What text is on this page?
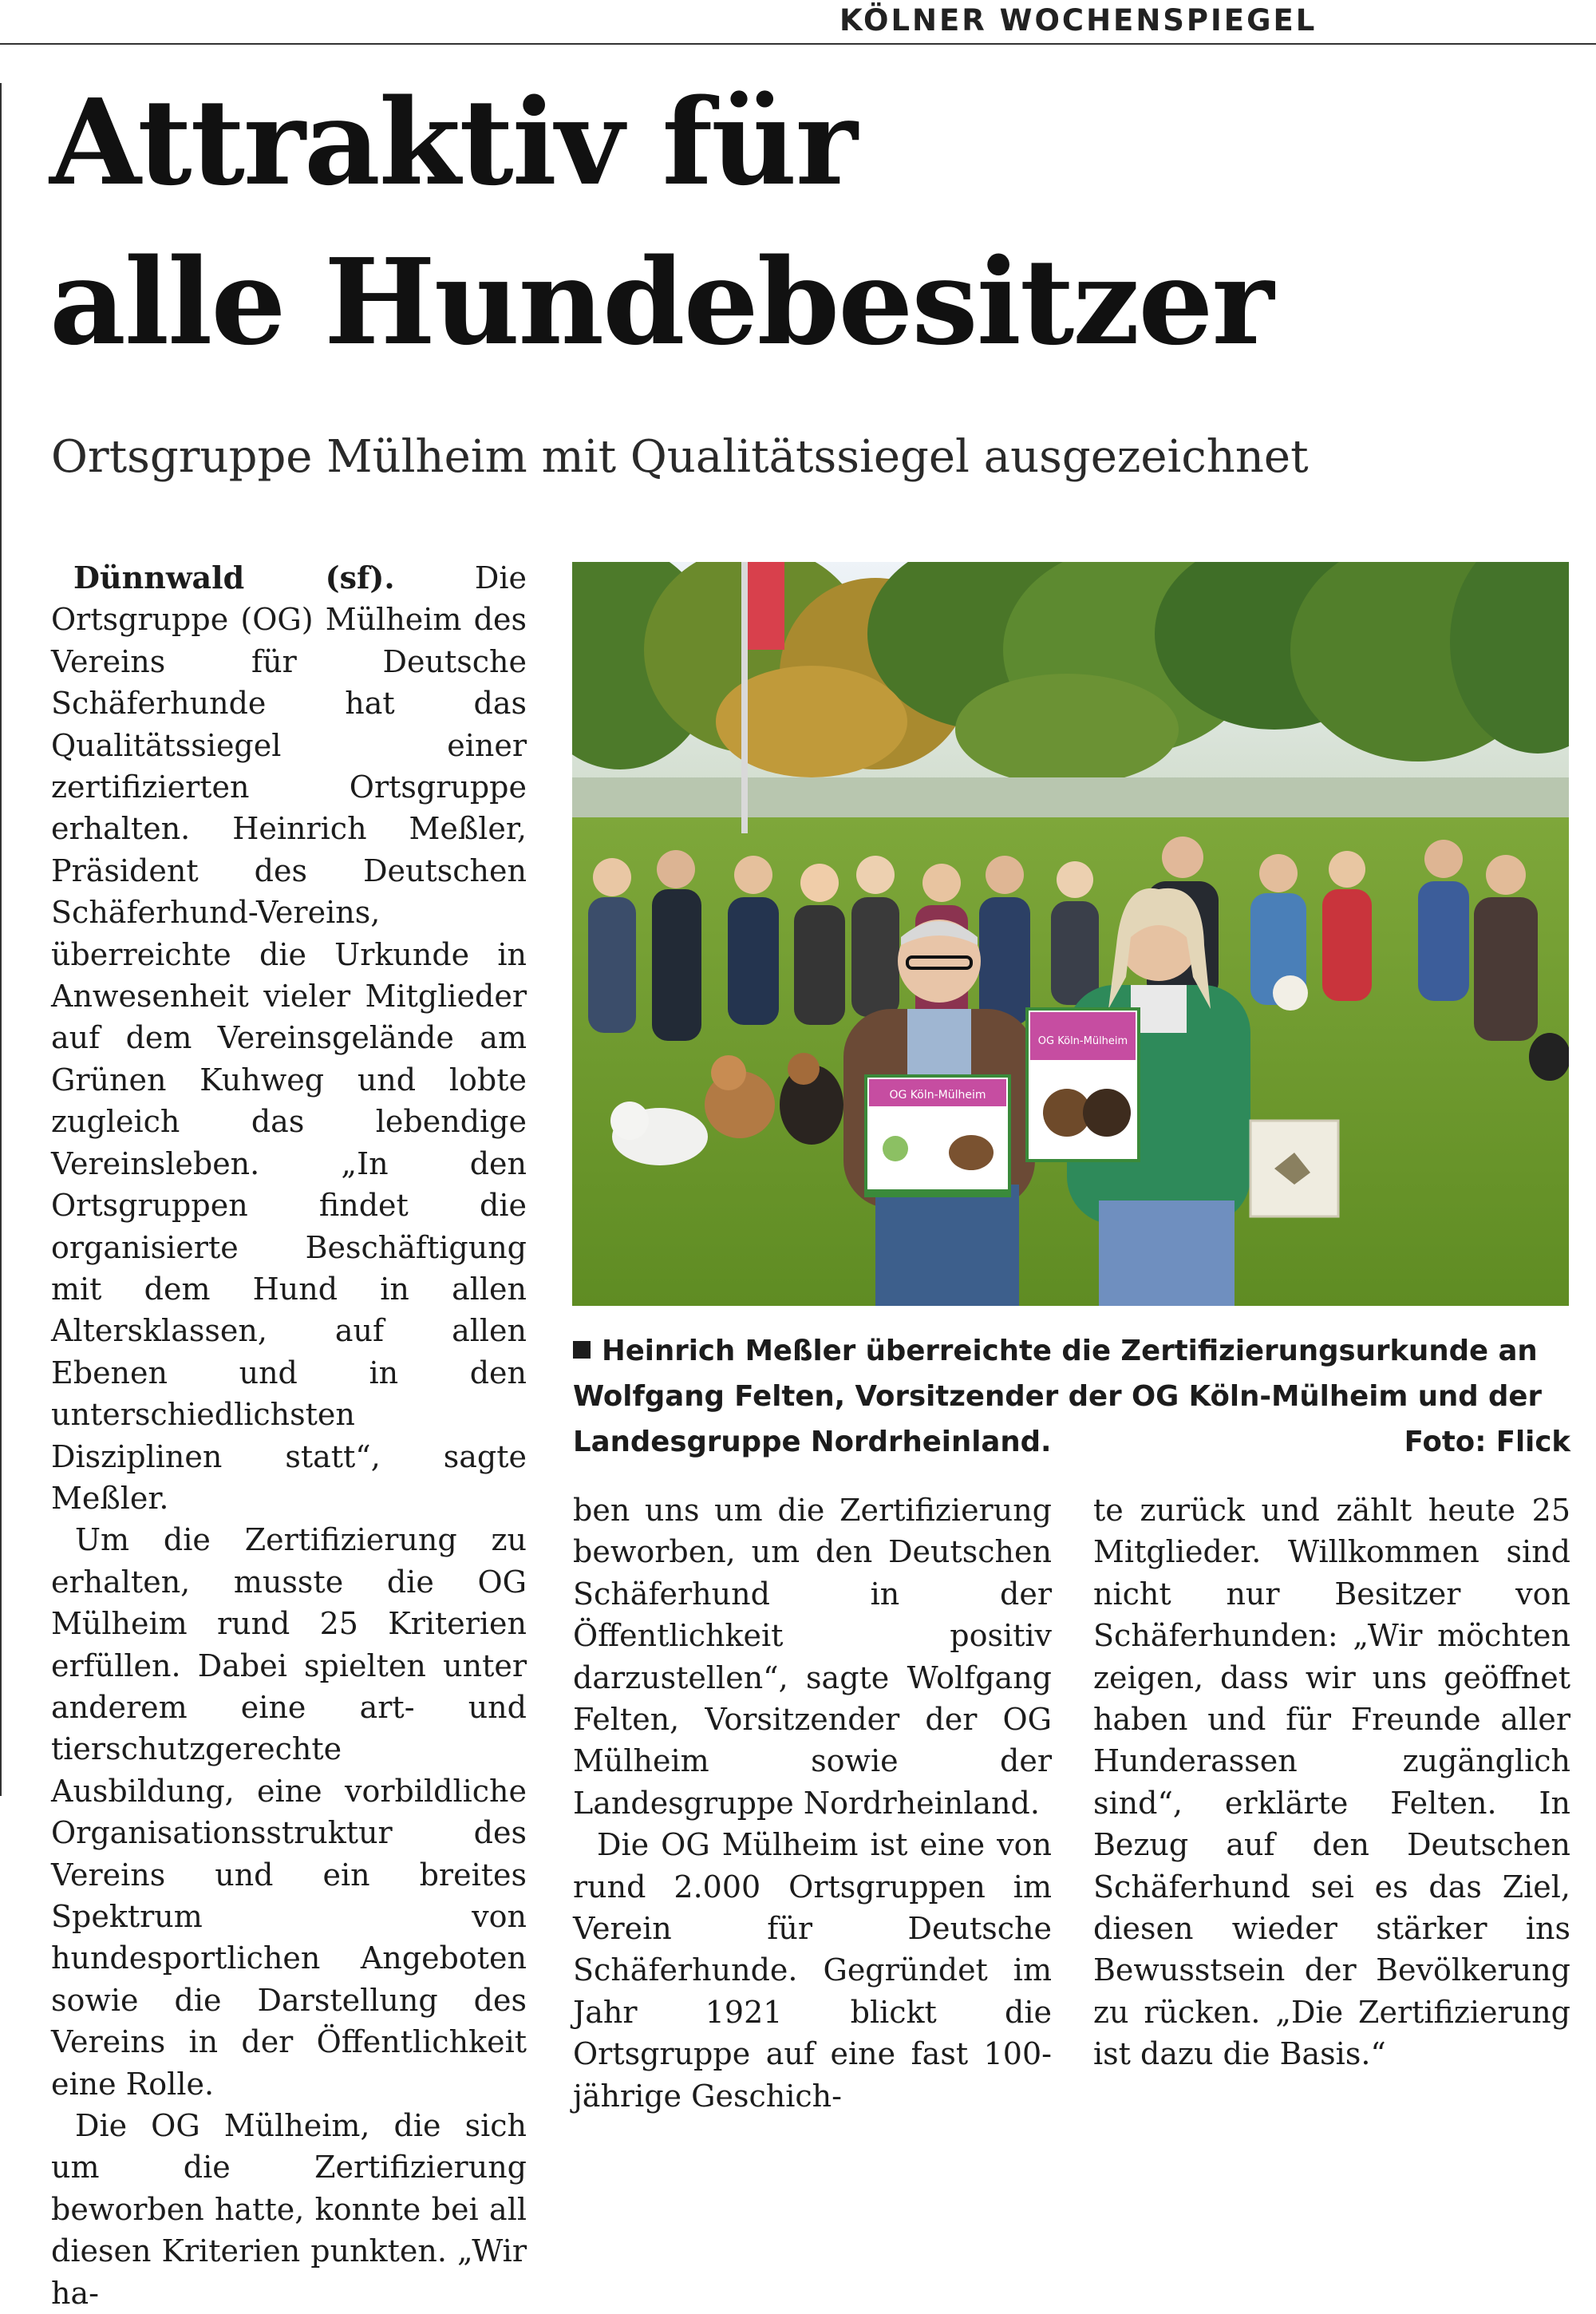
KÖLNER WOCHENSPIEGEL
Attraktiv für
alle Hundebesitzer
Ortsgruppe Mülheim mit Qualitätssiegel ausgezeichnet

Dünnwald (sf).	Die Ortsgruppe (OG) Mülheim des Vereins für Deutsche Schäferhunde hat das Qualitätssiegel einer zertifizierten Ortsgruppe erhalten. Heinrich Meßler, Präsident des Deutschen Schäferhund-Vereins, überreichte die Urkunde in Anwesenheit vieler Mitglieder auf dem Vereinsgelände am Grünen Kuhweg und lobte zugleich das lebendige Vereinsleben. „In den Ortsgruppen findet die organisierte Beschäftigung mit dem Hund in allen Altersklassen, auf allen Ebenen und in den unterschiedlichsten Disziplinen statt“, sagte Meßler.

Um die Zertifizierung zu erhalten, musste die OG Mülheim rund 25 Kriterien erfüllen. Dabei spielten unter anderem eine art- und tierschutzgerechte Ausbildung, eine vorbildliche Organisationsstruktur des Vereins und ein breites Spektrum von hundesportlichen Angeboten sowie die Darstellung des Vereins in der Öffentlichkeit eine Rolle.

Die OG Mülheim, die sich um die Zertifizierung beworben hatte, konnte bei all diesen Kriterien punkten. „Wir ha-

OG Köln-Mülheim
OG Köln-Mülheim
Heinrich Meßler überreichte die Zertifizierungsurkunde an Wolfgang Felten, Vorsitzender der OG Köln-Mülheim und der Landesgruppe Nordrheinland.	Foto: Flick

ben uns um die Zertifizierung beworben, um den Deutschen Schäferhund in der Öffentlichkeit positiv darzustellen“, sagte Wolfgang Felten, Vorsitzender der OG Mülheim sowie der Landesgruppe Nordrheinland.

Die OG Mülheim ist eine von rund 2.000 Ortsgruppen im Verein für Deutsche Schäferhunde. Gegründet im Jahr 1921 blickt die Ortsgruppe auf eine fast 100-jährige Geschich-

te zurück und zählt heute 25 Mitglieder. Willkommen sind nicht nur Besitzer von Schäferhunden: „Wir möchten zeigen, dass wir uns geöffnet haben und für Freunde aller Hunderassen zugänglich sind“, erklärte Felten. In Bezug auf den Deutschen Schäferhund sei es das Ziel, diesen wieder stärker ins Bewusstsein der Bevölkerung zu rücken. „Die Zertifizierung ist dazu die Basis.“
